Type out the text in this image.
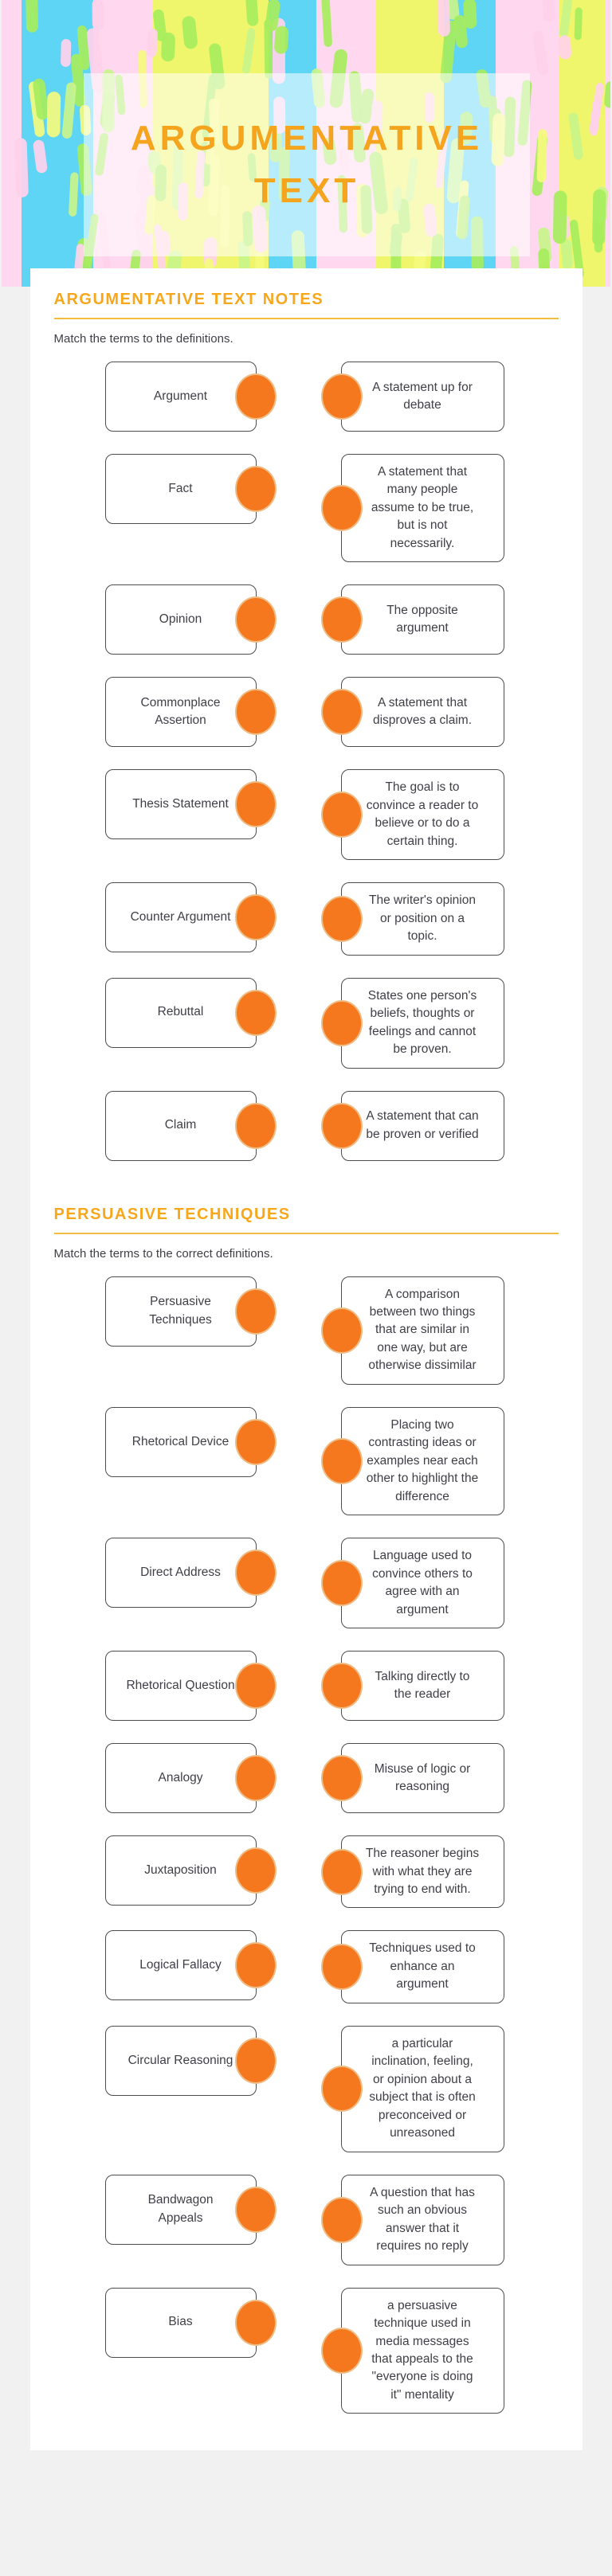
ARGUMENTATIVE
TEXT
ARGUMENTATIVE TEXT NOTES
Match the terms to the definitions.
Argument
A statement up for debate
Fact
A statement that many people assume to be true, but is not necessarily.
Opinion
The opposite argument
Commonplace Assertion
A statement that disproves a claim.
Thesis Statement
The goal is to convince a reader to believe or to do a certain thing.
Counter Argument
The writer's opinion or position on a topic.
Rebuttal
States one person's beliefs, thoughts or feelings and cannot be proven.
Claim
A statement that can be proven or verified
PERSUASIVE TECHNIQUES
Match the terms to the correct definitions.
Persuasive Techniques
A comparison between two things that are similar in one way, but are otherwise dissimilar
Rhetorical Device
Placing two contrasting ideas or examples near each other to highlight the difference
Direct Address
Language used to convince others to agree with an argument
Rhetorical Question
Talking directly to the reader
Analogy
Misuse of logic or reasoning
Juxtaposition
The reasoner begins with what they are trying to end with.
Logical Fallacy
Techniques used to enhance an argument
Circular Reasoning
a particular inclination, feeling, or opinion about a subject that is often preconceived or unreasoned
Bandwagon Appeals
A question that has such an obvious answer that it requires no reply
Bias
a persuasive technique used in media messages that appeals to the "everyone is doing it" mentality
